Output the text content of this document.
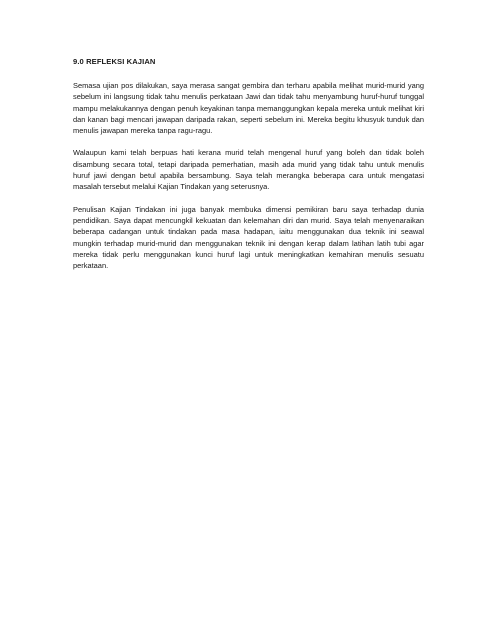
9.0 REFLEKSI KAJIAN

Semasa ujian pos dilakukan, saya merasa sangat gembira dan terharu apabila melihat murid-murid yang sebelum ini langsung tidak tahu menulis perkataan Jawi dan tidak tahu menyambung huruf-huruf tunggal mampu melakukannya dengan penuh keyakinan tanpa memanggungkan kepala mereka untuk melihat kiri dan kanan bagi mencari jawapan daripada rakan, seperti sebelum ini. Mereka begitu khusyuk tunduk dan menulis jawapan mereka tanpa ragu-ragu.

Walaupun kami telah berpuas hati kerana murid telah mengenal huruf yang boleh dan tidak boleh disambung secara total, tetapi daripada pemerhatian, masih ada murid yang tidak tahu untuk menulis huruf jawi dengan betul apabila bersambung. Saya telah merangka beberapa cara untuk mengatasi masalah tersebut melalui Kajian Tindakan yang seterusnya.

Penulisan Kajian Tindakan ini juga banyak membuka dimensi pemikiran baru saya terhadap dunia pendidikan. Saya dapat mencungkil kekuatan dan kelemahan diri dan murid. Saya telah menyenaraikan beberapa cadangan untuk tindakan pada masa hadapan, iaitu menggunakan dua teknik ini seawal mungkin terhadap murid-murid dan menggunakan teknik ini dengan kerap dalam latihan latih tubi agar mereka tidak perlu menggunakan kunci huruf lagi untuk meningkatkan kemahiran menulis sesuatu perkataan.
